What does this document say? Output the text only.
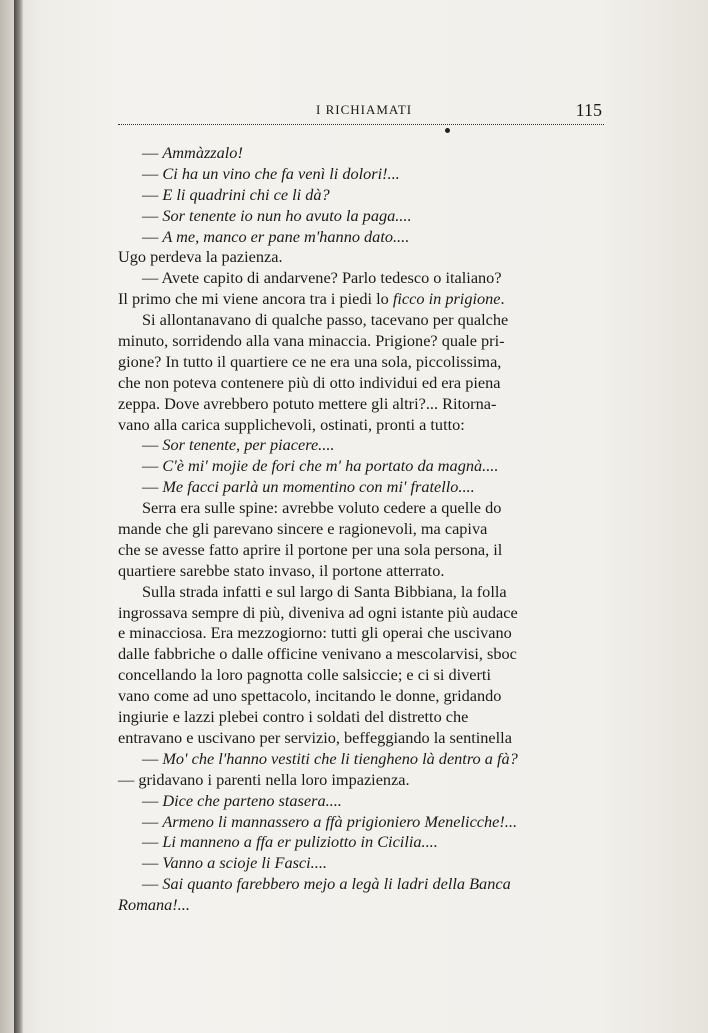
I RICHIAMATI	115
— Ammàzzalo!
— Ci ha un vino che fa venì li dolori!...
— E li quadrini chi ce li dà?
— Sor tenente io nun ho avuto la paga....
— A me, manco er pane m'hanno dato....
Ugo perdeva la pazienza.
— Avete capito di andarvene? Parlo tedesco o italiano?
Il primo che mi viene ancora tra i piedi lo ficco in prigione.
Si allontanavano di qualche passo, tacevano per qualche
minuto, sorridendo alla vana minaccia. Prigione? quale pri-
gione? In tutto il quartiere ce ne era una sola, piccolissima,
che non poteva contenere più di otto individui ed era piena
zeppa. Dove avrebbero potuto mettere gli altri?... Ritorna-
vano alla carica supplichevoli, ostinati, pronti a tutto:
— Sor tenente, per piacere....
— C'è mi' mojie de fori che m' ha portato da magnà....
— Me facci parlà un momentino con mi' fratello....
Serra era sulle spine: avrebbe voluto cedere a quelle do
mande che gli parevano sincere e ragionevoli, ma capiva
che se avesse fatto aprire il portone per una sola persona, il
quartiere sarebbe stato invaso, il portone atterrato.
Sulla strada infatti e sul largo di Santa Bibbiana, la folla
ingrossava sempre di più, diveniva ad ogni istante più audace
e minacciosa. Era mezzogiorno: tutti gli operai che uscivano
dalle fabbriche o dalle officine venivano a mescolarvisi, sboc
concellando la loro pagnotta colle salsiccie; e ci si diverti
vano come ad uno spettacolo, incitando le donne, gridando
ingiurie e lazzi plebei contro i soldati del distretto che
entravano e uscivano per servizio, beffeggiando la sentinella
— Mo' che l'hanno vestiti che li tiengheno là dentro a fà?
— gridavano i parenti nella loro impazienza.
— Dice che parteno stasera....
— Armeno li mannassero a ffà prigioniero Menelicche!...
— Li manneno a ffa er puliziotto in Cicilia....
— Vanno a scioje li Fasci....
— Sai quanto farebbero mejo a legà li ladri della Banca
Romana!...
